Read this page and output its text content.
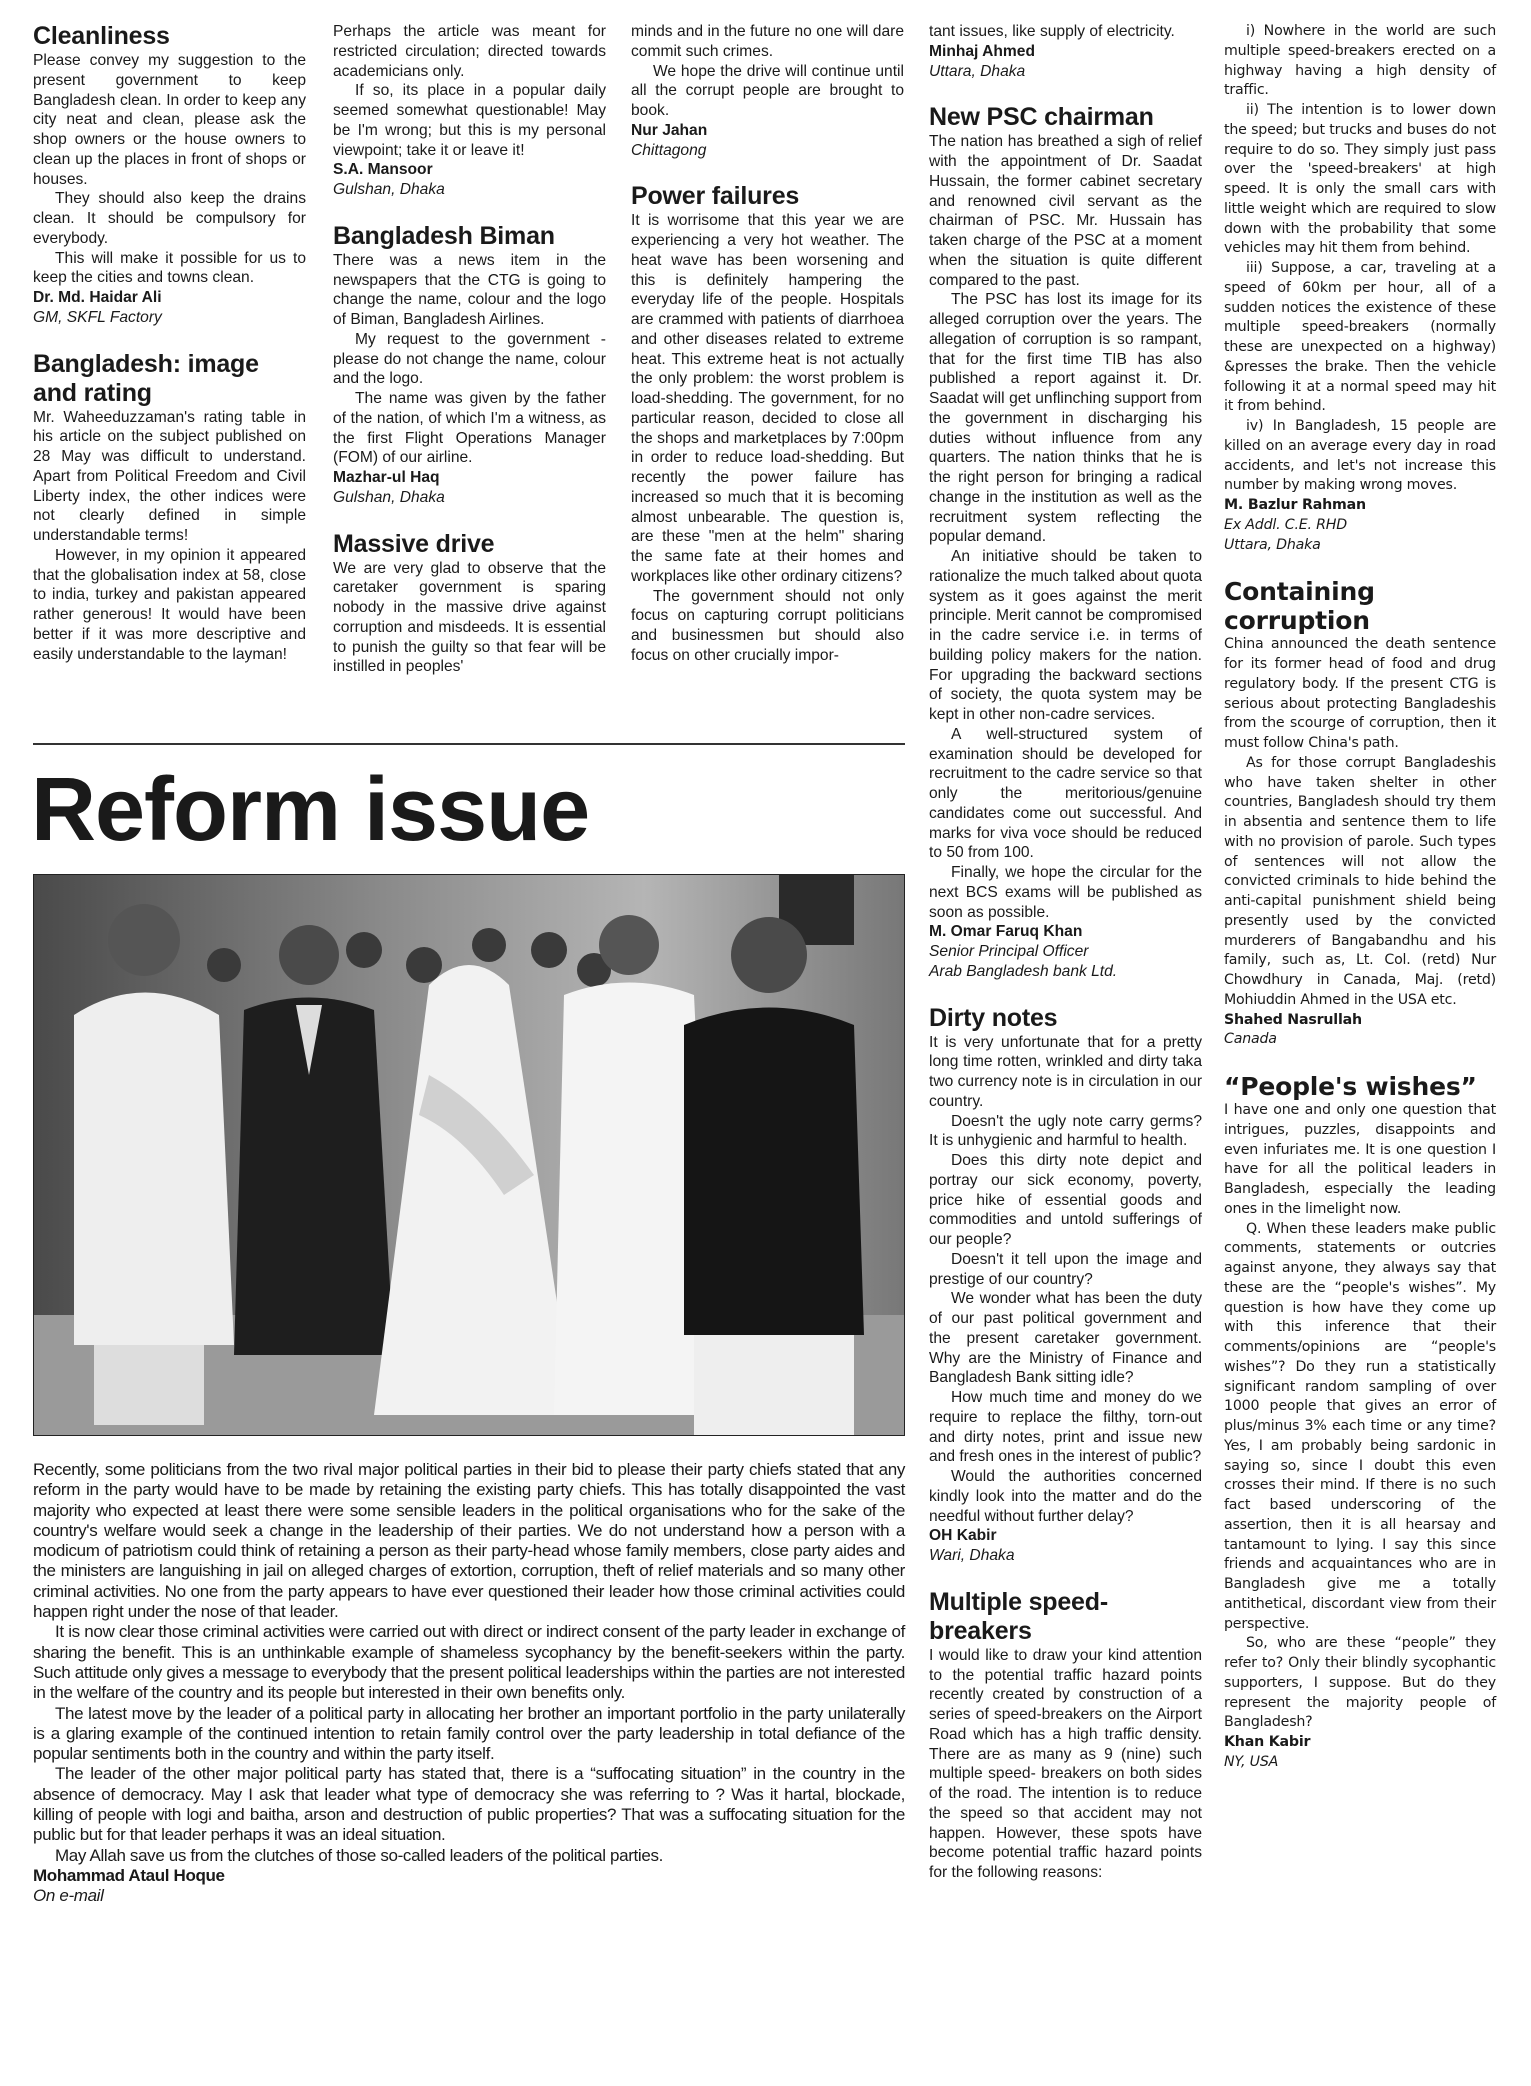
Cleanliness

Please convey my suggestion to the present government to keep Bangladesh clean. In order to keep any city neat and clean, please ask the shop owners or the house owners to clean up the places in front of shops or houses.

They should also keep the drains clean. It should be compulsory for everybody.

This will make it possible for us to keep the cities and towns clean.

Dr. Md. Haidar Ali
GM, SKFL Factory
Bangladesh: image and rating

Mr. Waheeduzzaman's rating table in his article on the subject published on 28 May was difficult to understand. Apart from Political Freedom and Civil Liberty index, the other indices were not clearly defined in simple understandable terms!

However, in my opinion it appeared that the globalisation index at 58, close to india, turkey and pakistan appeared rather generous! It would have been better if it was more descriptive and easily understandable to the layman!

Perhaps the article was meant for restricted circulation; directed towards academicians only.

If so, its place in a popular daily seemed somewhat questionable! May be I'm wrong; but this is my personal viewpoint; take it or leave it!

S.A. Mansoor
Gulshan, Dhaka
Bangladesh Biman

There was a news item in the newspapers that the CTG is going to change the name, colour and the logo of Biman, Bangladesh Airlines.

My request to the government - please do not change the name, colour and the logo.

The name was given by the father of the nation, of which I'm a witness, as the first Flight Operations Manager (FOM) of our airline.

Mazhar-ul Haq
Gulshan, Dhaka
Massive drive

We are very glad to observe that the caretaker government is sparing nobody in the massive drive against corruption and misdeeds. It is essential to punish the guilty so that fear will be instilled in peoples'

minds and in the future no one will dare commit such crimes.

We hope the drive will continue until all the corrupt people are brought to book.

Nur Jahan
Chittagong
Power failures

It is worrisome that this year we are experiencing a very hot weather. The heat wave has been worsening and this is definitely hampering the everyday life of the people. Hospitals are crammed with patients of diarrhoea and other diseases related to extreme heat. This extreme heat is not actually the only problem: the worst problem is load-shedding. The government, for no particular reason, decided to close all the shops and marketplaces by 7:00pm in order to reduce load-shedding. But recently the power failure has increased so much that it is becoming almost unbearable. The question is, are these "men at the helm" sharing the same fate at their homes and workplaces like other ordinary citizens?

The government should not only focus on capturing corrupt politicians and businessmen but should also focus on other crucially impor-

tant issues, like supply of electricity.

Minhaj Ahmed
Uttara, Dhaka
New PSC chairman

The nation has breathed a sigh of relief with the appointment of Dr. Saadat Hussain, the former cabinet secretary and renowned civil servant as the chairman of PSC. Mr. Hussain has taken charge of the PSC at a moment when the situation is quite different compared to the past.

The PSC has lost its image for its alleged corruption over the years. The allegation of corruption is so rampant, that for the first time TIB has also published a report against it. Dr. Saadat will get unflinching support from the government in discharging his duties without influence from any quarters. The nation thinks that he is the right person for bringing a radical change in the institution as well as the recruitment system reflecting the popular demand.

An initiative should be taken to rationalize the much talked about quota system as it goes against the merit principle. Merit cannot be compromised in the cadre service i.e. in terms of building policy makers for the nation. For upgrading the backward sections of society, the quota system may be kept in other non-cadre services.

A well-structured system of examination should be developed for recruitment to the cadre service so that only the meritorious/genuine candidates come out successful. And marks for viva voce should be reduced to 50 from 100.

Finally, we hope the circular for the next BCS exams will be published as soon as possible.

M. Omar Faruq Khan
Senior Principal Officer
Arab Bangladesh bank Ltd.
Dirty notes

It is very unfortunate that for a pretty long time rotten, wrinkled and dirty taka two currency note is in circulation in our country.

Doesn't the ugly note carry germs? It is unhygienic and harmful to health.

Does this dirty note depict and portray our sick economy, poverty, price hike of essential goods and commodities and untold sufferings of our people?

Doesn't it tell upon the image and prestige of our country?

We wonder what has been the duty of our past political government and the present caretaker government. Why are the Ministry of Finance and Bangladesh Bank sitting idle?

How much time and money do we require to replace the filthy, torn-out and dirty notes, print and issue new and fresh ones in the interest of public?

Would the authorities concerned kindly look into the matter and do the needful without further delay?

OH Kabir
Wari, Dhaka
Multiple speed-breakers

I would like to draw your kind attention to the potential traffic hazard points recently created by construction of a series of speed-breakers on the Airport Road which has a high traffic density. There are as many as 9 (nine) such multiple speed- breakers on both sides of the road. The intention is to reduce the speed so that accident may not happen. However, these spots have become potential traffic hazard points for the following reasons:

i) Nowhere in the world are such multiple speed-breakers erected on a highway having a high density of traffic.

ii) The intention is to lower down the speed; but trucks and buses do not require to do so. They simply just pass over the 'speed-breakers' at high speed. It is only the small cars with little weight which are required to slow down with the probability that some vehicles may hit them from behind.

iii) Suppose, a car, traveling at a speed of 60km per hour, all of a sudden notices the existence of these multiple speed-breakers (normally these are unexpected on a highway) &presses the brake. Then the vehicle following it at a normal speed may hit it from behind.

iv) In Bangladesh, 15 people are killed on an average every day in road accidents, and let's not increase this number by making wrong moves.

M. Bazlur Rahman
Ex Addl. C.E. RHD
Uttara, Dhaka
Containing corruption

China announced the death sentence for its former head of food and drug regulatory body. If the present CTG is serious about protecting Bangladeshis from the scourge of corruption, then it must follow China's path.

As for those corrupt Bangladeshis who have taken shelter in other countries, Bangladesh should try them in absentia and sentence them to life with no provision of parole. Such types of sentences will not allow the convicted criminals to hide behind the anti-capital punishment shield being presently used by the convicted murderers of Bangabandhu and his family, such as, Lt. Col. (retd) Nur Chowdhury in Canada, Maj. (retd) Mohiuddin Ahmed in the USA etc.

Shahed Nasrullah
Canada
“People's wishes”

I have one and only one question that intrigues, puzzles, disappoints and even infuriates me. It is one question I have for all the political leaders in Bangladesh, especially the leading ones in the limelight now.

Q. When these leaders make public comments, statements or outcries against anyone, they always say that these are the “people's wishes”. My question is how have they come up with this inference that their comments/opinions are “people's wishes”? Do they run a statistically significant random sampling of over 1000 people that gives an error of plus/minus 3% each time or any time? Yes, I am probably being sardonic in saying so, since I doubt this even crosses their mind. If there is no such fact based underscoring of the assertion, then it is all hearsay and tantamount to lying. I say this since friends and acquaintances who are in Bangladesh give me a totally antithetical, discordant view from their perspective.

So, who are these “people” they refer to? Only their blindly sycophantic supporters, I suppose. But do they represent the majority people of Bangladesh?

Khan Kabir
NY, USA
Reform issue

Recently, some politicians from the two rival major political parties in their bid to please their party chiefs stated that any reform in the party would have to be made by retaining the existing party chiefs. This has totally disappointed the vast majority who expected at least there were some sensible leaders in the political organisations who for the sake of the country's welfare would seek a change in the leadership of their parties. We do not understand how a person with a modicum of patriotism could think of retaining a person as their party-head whose family members, close party aides and the ministers are languishing in jail on alleged charges of extortion, corruption, theft of relief materials and so many other criminal activities. No one from the party appears to have ever questioned their leader how those criminal activities could happen right under the nose of that leader.

It is now clear those criminal activities were carried out with direct or indirect consent of the party leader in exchange of sharing the benefit. This is an unthinkable example of shameless sycophancy by the benefit-seekers within the party. Such attitude only gives a message to everybody that the present political leaderships within the parties are not interested in the welfare of the country and its people but interested in their own benefits only.

The latest move by the leader of a political party in allocating her brother an important portfolio in the party unilaterally is a glaring example of the continued intention to retain family control over the party leadership in total defiance of the popular sentiments both in the country and within the party itself.

The leader of the other major political party has stated that, there is a “suffocating situation” in the country in the absence of democracy. May I ask that leader what type of democracy she was referring to ? Was it hartal, blockade, killing of people with logi and baitha, arson and destruction of public properties? That was a suffocating situation for the public but for that leader perhaps it was an ideal situation.

May Allah save us from the clutches of those so-called leaders of the political parties.

Mohammad Ataul Hoque
On e-mail
